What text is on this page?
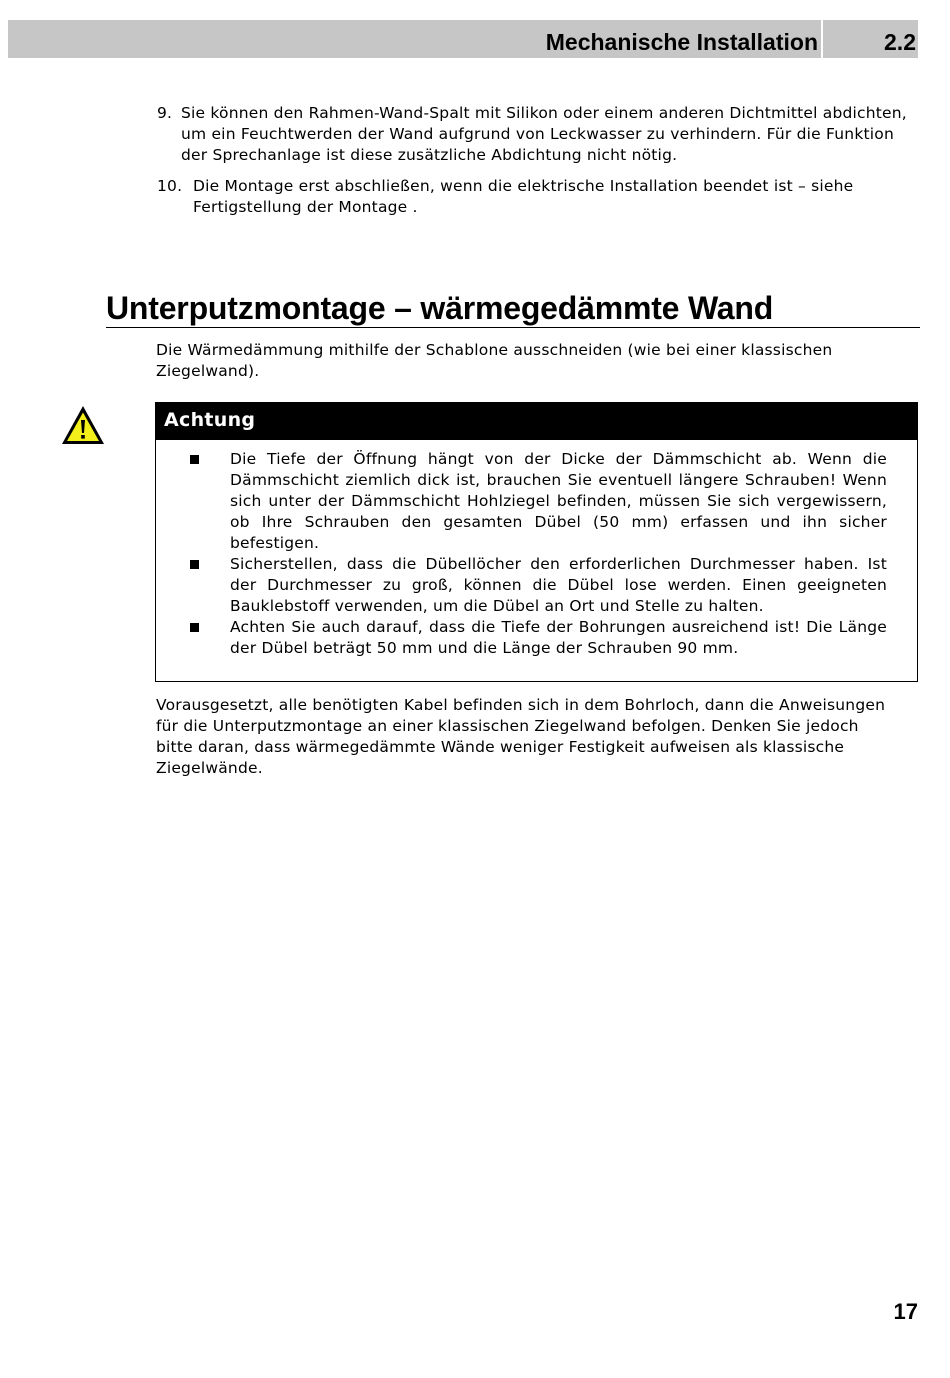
Mechanische Installation	2.2
9. Sie können den Rahmen-Wand-Spalt mit Silikon oder einem anderen Dichtmittel abdichten, um ein Feuchtwerden der Wand aufgrund von Leckwasser zu verhindern. Für die Funktion der Sprechanlage ist diese zusätzliche Abdichtung nicht nötig.
10. Die Montage erst abschließen, wenn die elektrische Installation beendet ist – siehe Fertigstellung der Montage .
Unterputzmontage – wärmegedämmte Wand
Die Wärmedämmung mithilfe der Schablone ausschneiden (wie bei einer klassischen Ziegelwand).
Achtung
Die Tiefe der Öffnung hängt von der Dicke der Dämmschicht ab. Wenn die Dämmschicht ziemlich dick ist, brauchen Sie eventuell längere Schrauben! Wenn sich unter der Dämmschicht Hohlziegel befinden, müssen Sie sich vergewissern, ob Ihre Schrauben den gesamten Dübel (50 mm) erfassen und ihn sicher befestigen.
Sicherstellen, dass die Dübellöcher den erforderlichen Durchmesser haben. Ist der Durchmesser zu groß, können die Dübel lose werden. Einen geeigneten Bauklebstoff verwenden, um die Dübel an Ort und Stelle zu halten.
Achten Sie auch darauf, dass die Tiefe der Bohrungen ausreichend ist! Die Länge der Dübel beträgt 50 mm und die Länge der Schrauben 90 mm.
Vorausgesetzt, alle benötigten Kabel befinden sich in dem Bohrloch, dann die Anweisungen für die Unterputzmontage an einer klassischen Ziegelwand befolgen. Denken Sie jedoch bitte daran, dass wärmegedämmte Wände weniger Festigkeit aufweisen als klassische Ziegelwände.
17
